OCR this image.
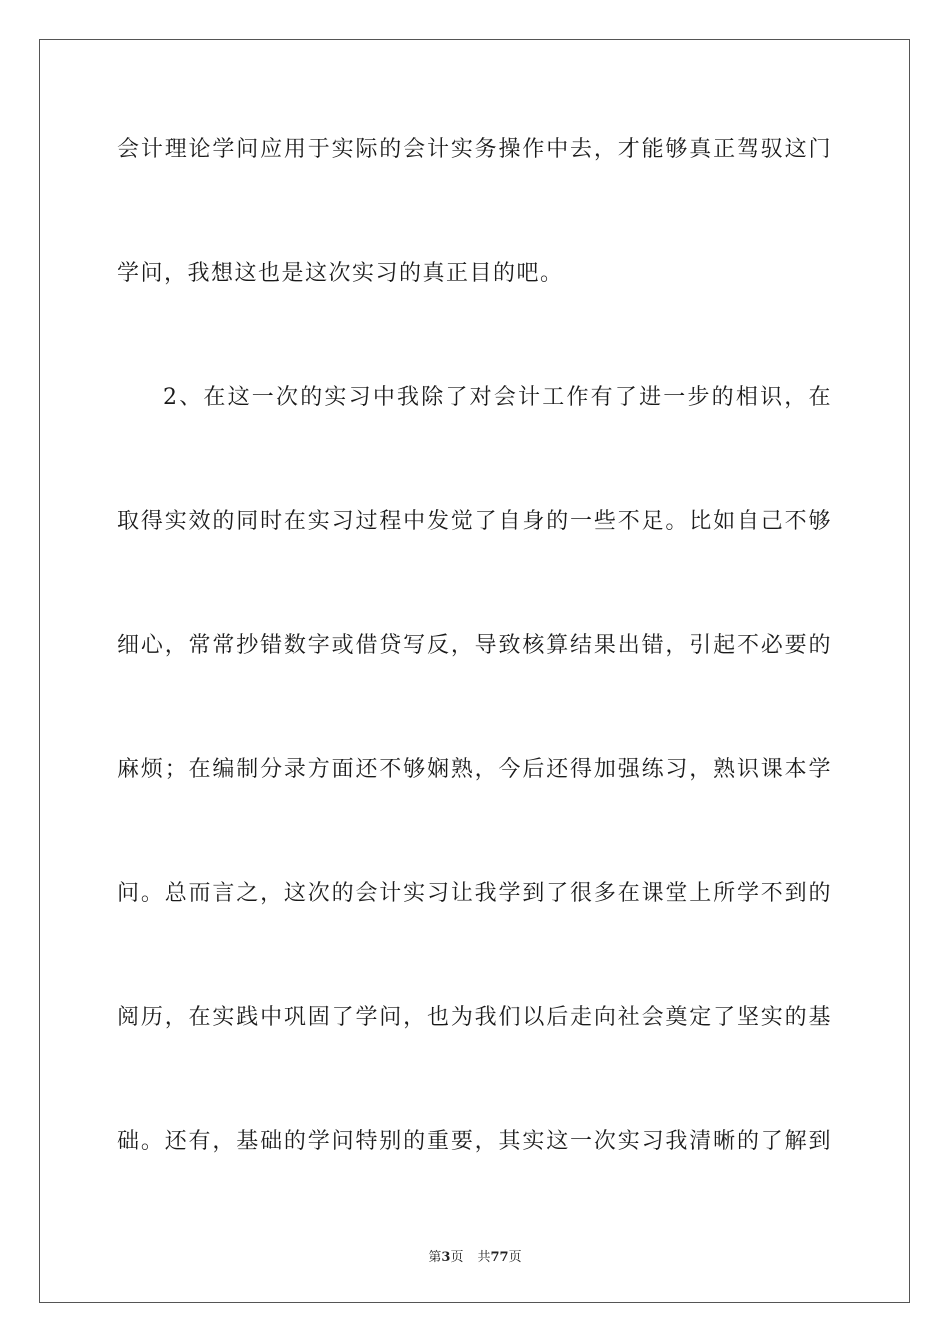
会计理论学问应用于实际的会计实务操作中去，才能够真正驾驭这门
学问，我想这也是这次实习的真正目的吧。
2、在这一次的实习中我除了对会计工作有了进一步的相识，在
取得实效的同时在实习过程中发觉了自身的一些不足。比如自己不够
细心，常常抄错数字或借贷写反，导致核算结果出错，引起不必要的
麻烦；在编制分录方面还不够娴熟，今后还得加强练习，熟识课本学
问。总而言之，这次的会计实习让我学到了很多在课堂上所学不到的
阅历，在实践中巩固了学问，也为我们以后走向社会奠定了坚实的基
础。还有，基础的学问特别的重要，其实这一次实习我清晰的了解到
第3页 共77页
